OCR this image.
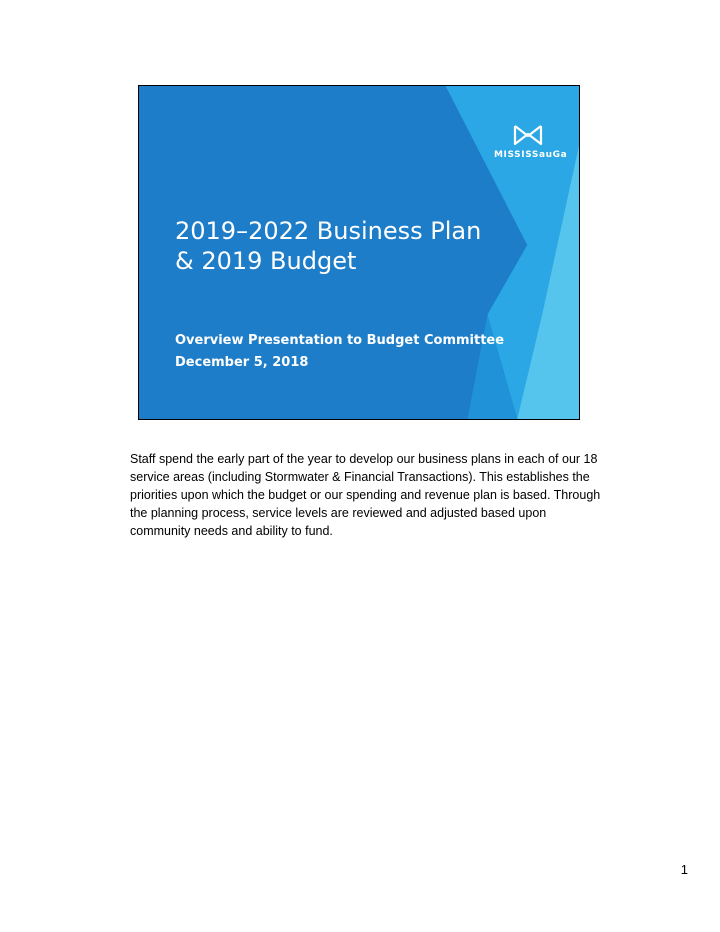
MISSISSauGa
2019–2022 Business Plan
& 2019 Budget
Overview Presentation to Budget Committee
December 5, 2018

Staff spend the early part of the year to develop our business plans in each of our 18 service areas (including Stormwater & Financial Transactions). This establishes the priorities upon which the budget or our spending and revenue plan is based. Through the planning process, service levels are reviewed and adjusted based upon community needs and ability to fund.

1
